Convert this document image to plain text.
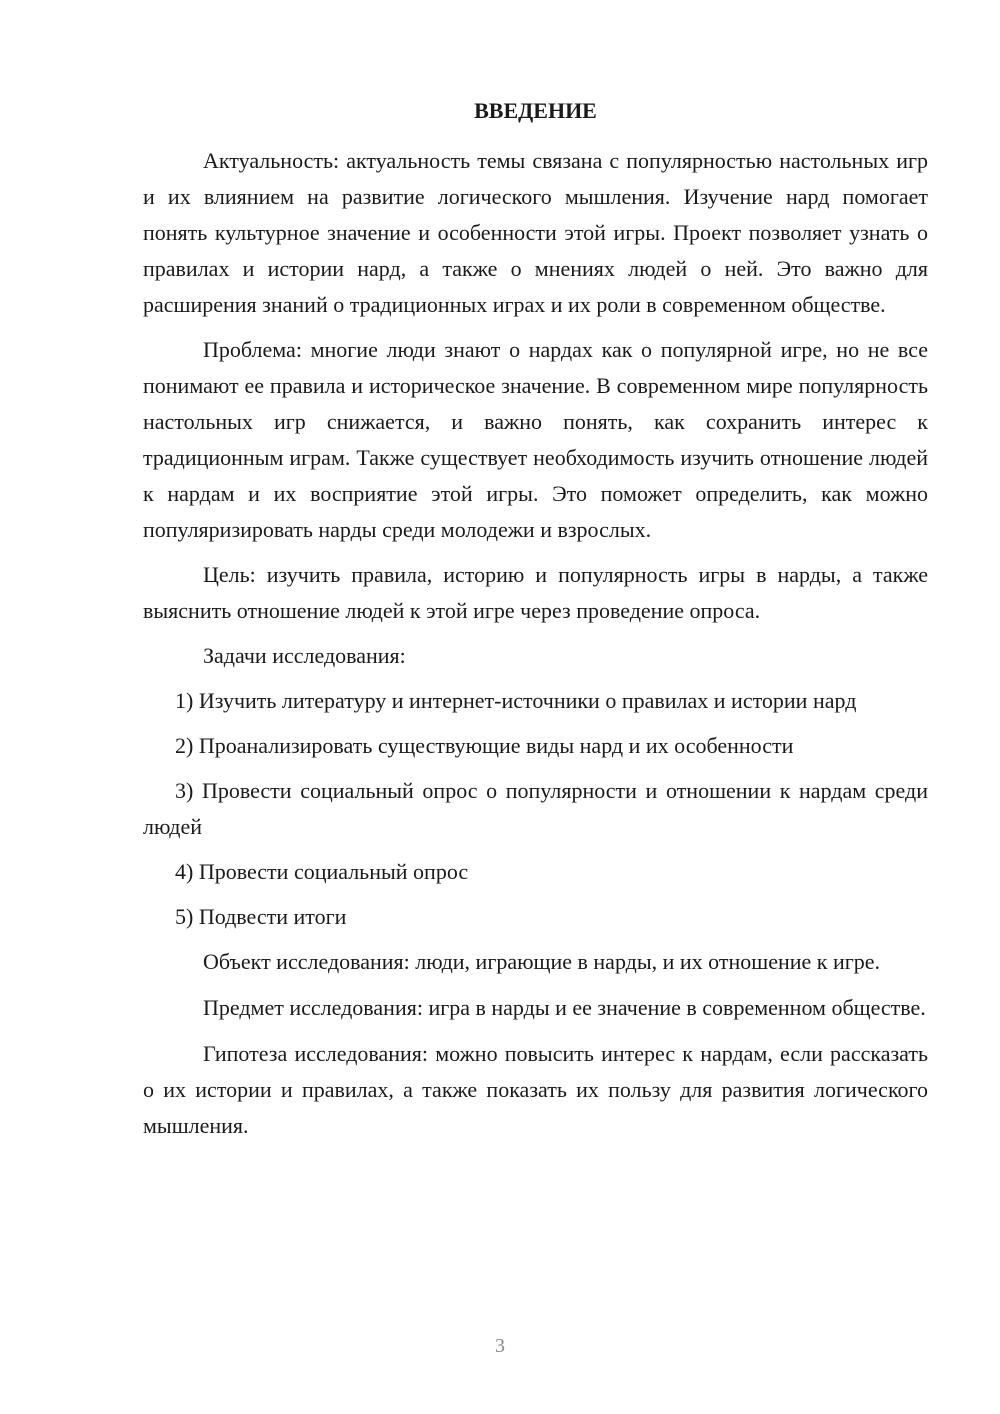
ВВЕДЕНИЕ

Актуальность: актуальность темы связана с популярностью настольных игр и их влиянием на развитие логического мышления. Изучение нард помогает понять культурное значение и особенности этой игры. Проект позволяет узнать о правилах и истории нард, а также о мнениях людей о ней. Это важно для расширения знаний о традиционных играх и их роли в современном обществе.

Проблема: многие люди знают о нардах как о популярной игре, но не все понимают ее правила и историческое значение. В современном мире популярность настольных игр снижается, и важно понять, как сохранить интерес к традиционным играм. Также существует необходимость изучить отношение людей к нардам и их восприятие этой игры. Это поможет определить, как можно популяризировать нарды среди молодежи и взрослых.

Цель: изучить правила, историю и популярность игры в нарды, а также выяснить отношение людей к этой игре через проведение опроса.

Задачи исследования:

1) Изучить литературу и интернет-источники о правилах и истории нард

2) Проанализировать существующие виды нард и их особенности

3) Провести социальный опрос о популярности и отношении к нардам среди людей

4) Провести социальный опрос

5) Подвести итоги

Объект исследования: люди, играющие в нарды, и их отношение к игре.

Предмет исследования: игра в нарды и ее значение в современном обществе.

Гипотеза исследования: можно повысить интерес к нардам, если рассказать о их истории и правилах, а также показать их пользу для развития логического мышления.

3
